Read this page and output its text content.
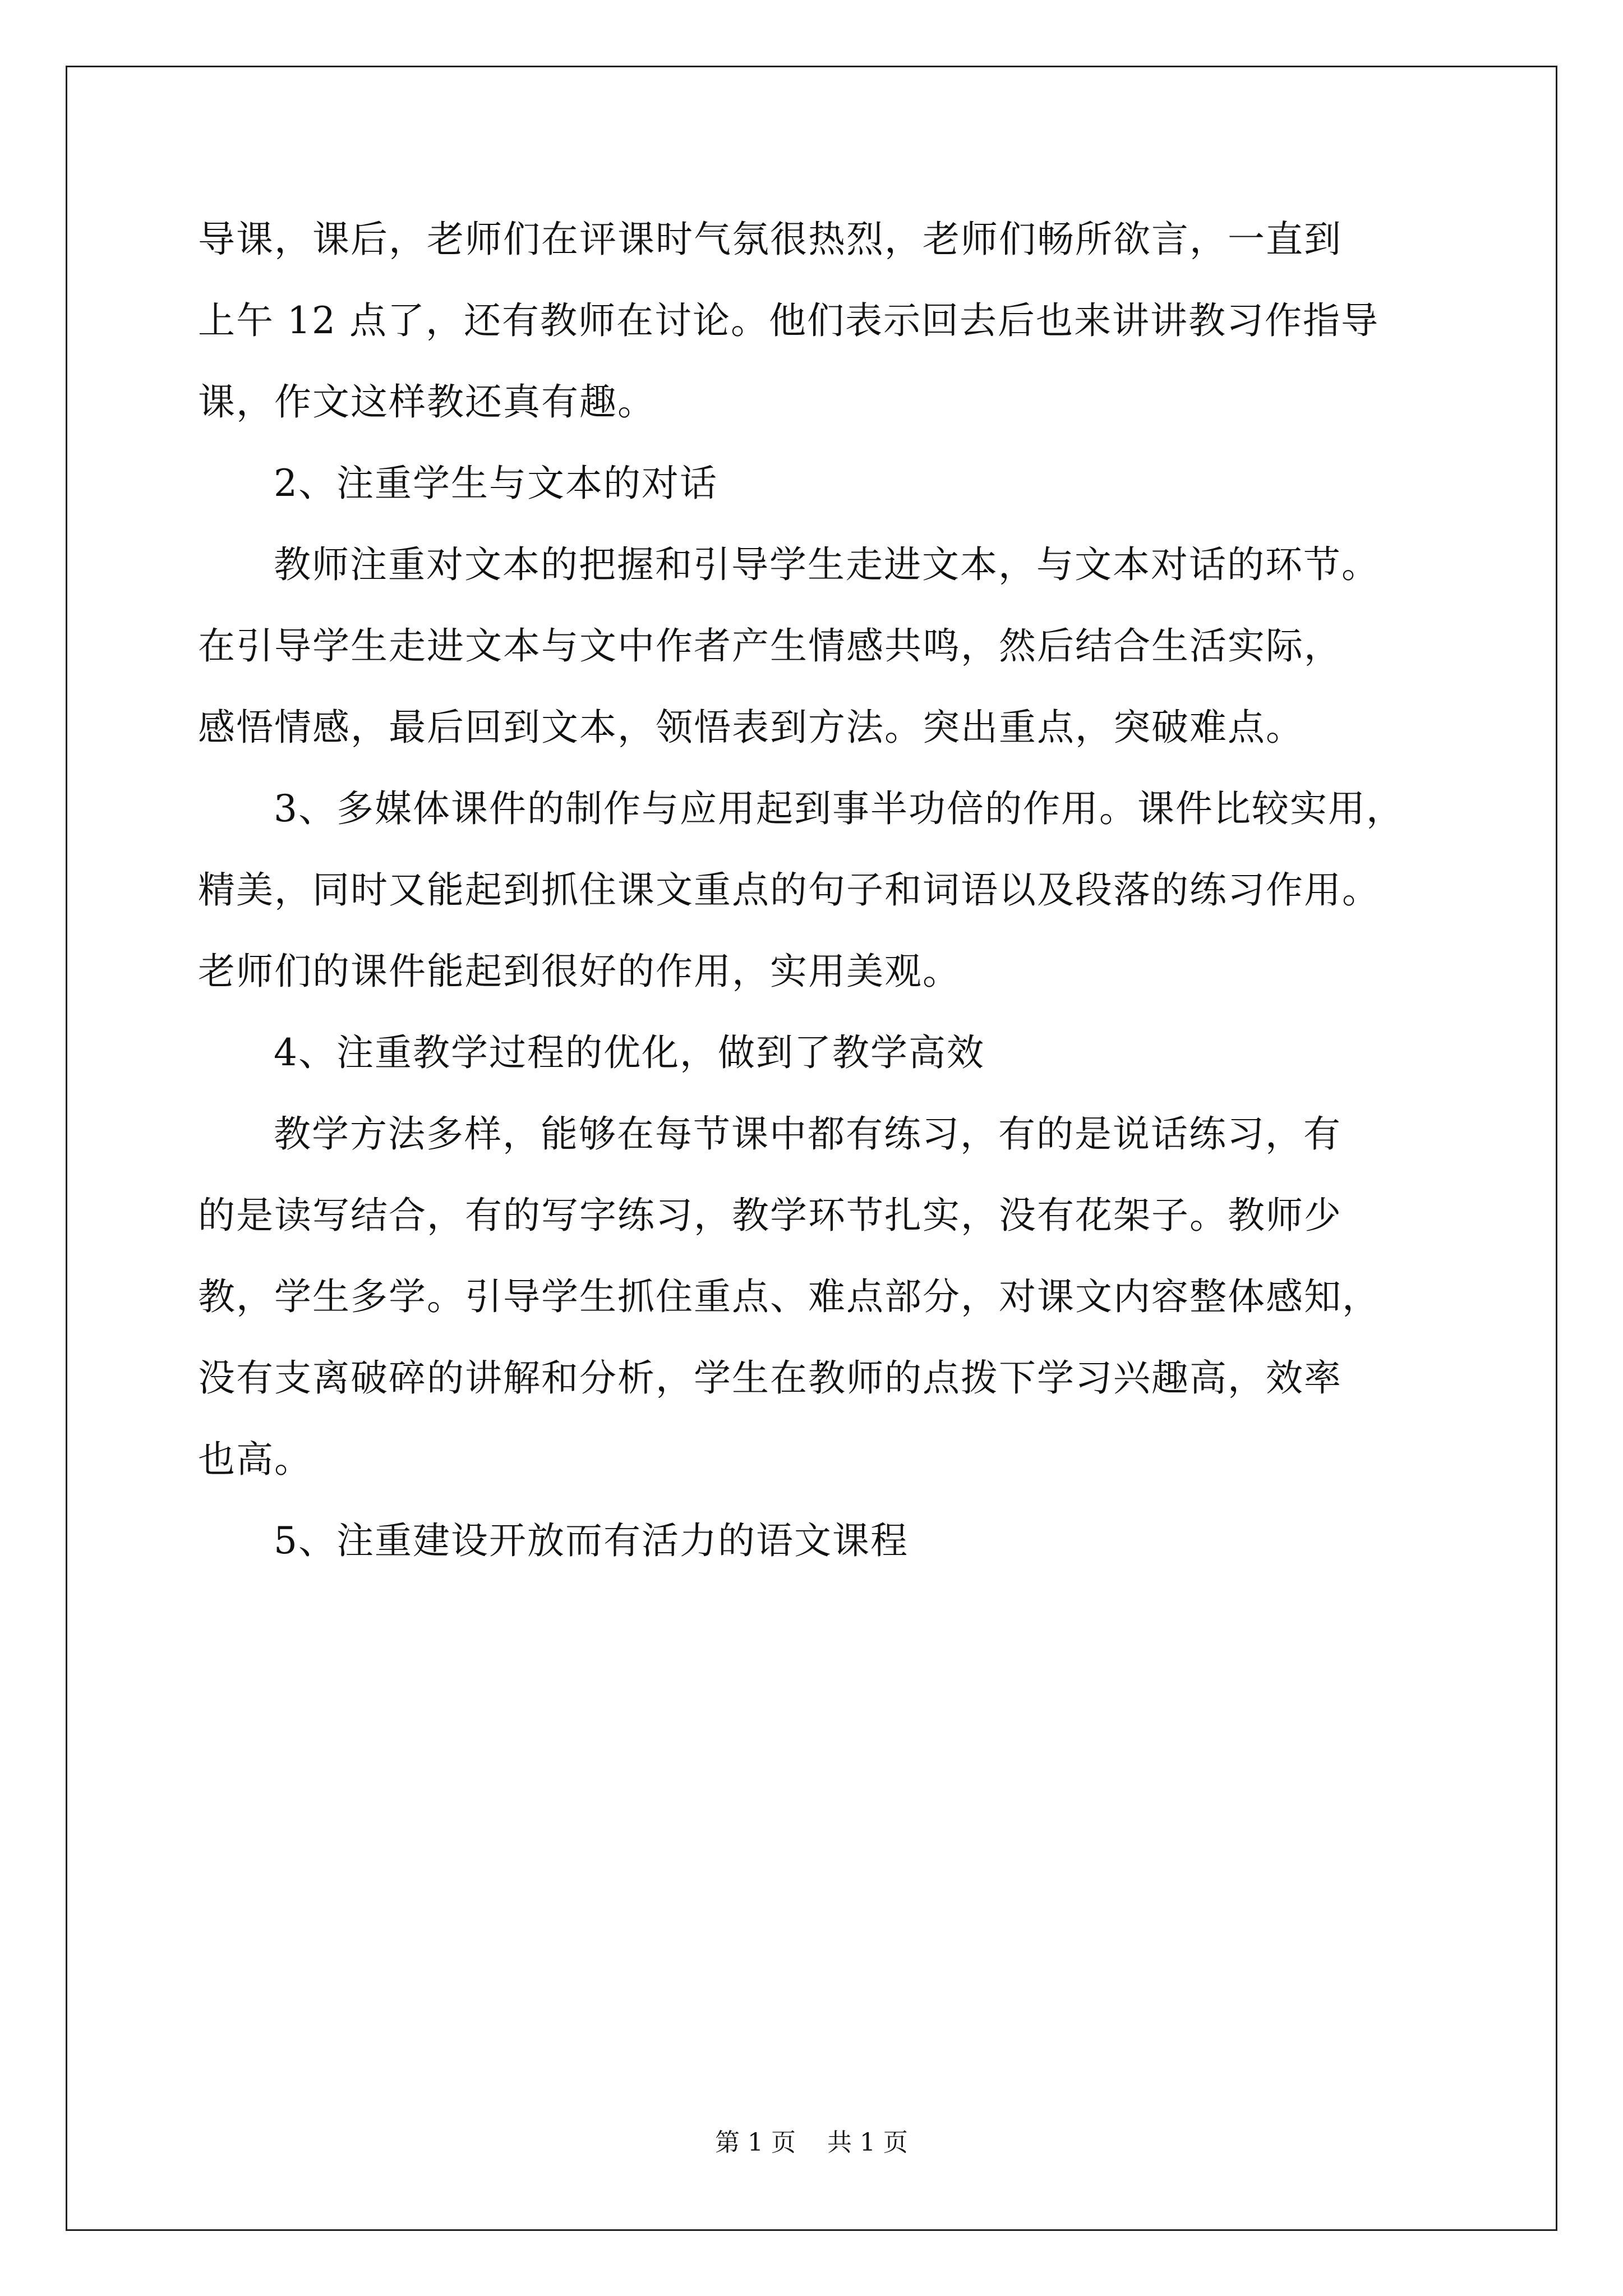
导课，课后，老师们在评课时气氛很热烈，老师们畅所欲言，一直到
上午 12 点了，还有教师在讨论。他们表示回去后也来讲讲教习作指导
课，作文这样教还真有趣。
2、注重学生与文本的对话
教师注重对文本的把握和引导学生走进文本，与文本对话的环节。
在引导学生走进文本与文中作者产生情感共鸣，然后结合生活实际，
感悟情感，最后回到文本，领悟表到方法。突出重点，突破难点。
3、多媒体课件的制作与应用起到事半功倍的作用。课件比较实用，
精美，同时又能起到抓住课文重点的句子和词语以及段落的练习作用。
老师们的课件能起到很好的作用，实用美观。
4、注重教学过程的优化，做到了教学高效
教学方法多样，能够在每节课中都有练习，有的是说话练习，有
的是读写结合，有的写字练习，教学环节扎实，没有花架子。教师少
教，学生多学。引导学生抓住重点、难点部分，对课文内容整体感知，
没有支离破碎的讲解和分析，学生在教师的点拨下学习兴趣高，效率
也高。
5、注重建设开放而有活力的语文课程
第 1 页    共 1 页
